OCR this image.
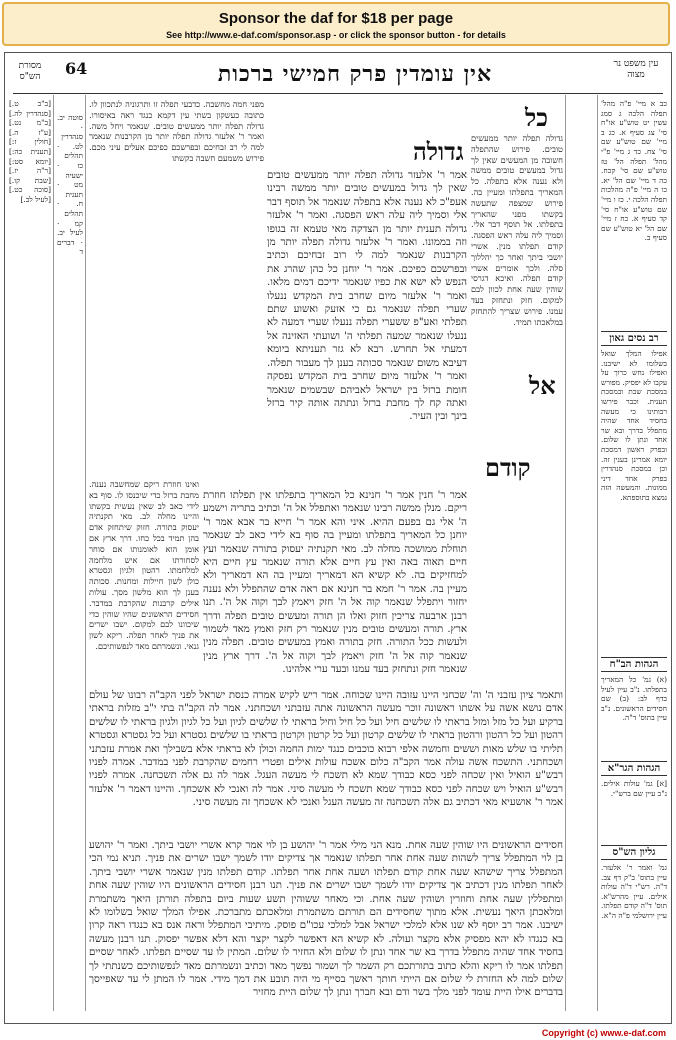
Sponsor the daf for $18 per page
See http://www.e-daf.com/sponsor.asp - or click the sponsor button - for details
64	אין עומדין פרק חמישי ברכות
מסורת הש"ס
עין משפט נר מצוה
[ב"ב ט.] [סנהדרין לה.] [ב"מ נט.] [ע"ז ה.] [חולין ז:] [תענית כה:] [יומא סט:] [ר"ה יז.] [שבת קו.] [סוכה כט.] [לעיל לב.]
סוטה יב. · סנהדרין לט. · תהלים כז · ישעיה מט · תענית ח. · תהלים קמ · לעיל יב. · דברים ד
מפני חמה מחשבה. כדבעי תפלה זו ותרגוניה לנתכוון לו. כתובה כעשקון בשתי עין דקמא כנגד ראה באיסורו. גדולה תפלה יותר ממעשים טובים. שנאמר ויחל משה. ואמר ר' אלעזר גדולה תפלה יותר מן הקרבנות שנאמר למה לי רב זבחיכם ובפרשכם כפיכם אעלים עיני מכם. פירוש משמעם חשבה בקשתו
ואינו חוזרת ריקם שמחשבה נענה. מחבת ברזל כדי שיכנסו לו. סוף בא לידי כאב לב שאין נעשית בקשתו והיינו מחלה לב. מאי תקנתיה יעסוק בתורה. חזוק שיתחזק אדם בהן תמיד בכל כחו. דרך ארץ אם אומן הוא לאומנותו אם סוחר לסחורתו אם איש מלחמה למלחמתו. רהטון ולגיון וגסטרא כולן לשון חיילות ומחנות. סכותה בענן לך הוא מלשון מסך. עולות אילים קרבנות שהקרבת במדבר. חסידים הראשונים שהיו שוהין כדי שיכוונו לבם למקום. ישבו ישרים את פניך לאחר תפלה. ריקא לשון גנאי. ונשמרתם מאד לנפשותיכם.
גדולה
אמר ר' אלעזר גדולה תפלה יותר ממעשים טובים שאין לך גדול במעשים טובים יותר ממשה רבינו אעפ"כ לא נענה אלא בתפלה שנאמר אל תוסף דבר אלי וסמיך ליה עלה ראש הפסגה. ואמר ר' אלעזר גדולה תענית יותר מן הצדקה מאי טעמא זה בגופו וזה בממונו. ואמר ר' אלעזר גדולה תפלה יותר מן הקרבנות שנאמר למה לי רוב זבחיכם וכתיב ובפרשכם כפיכם. אמר ר' יוחנן כל כהן שהרג את הנפש לא ישא את כפיו שנאמר ידיכם דמים מלאו. ואמר ר' אלעזר מיום שחרב בית המקדש ננעלו שערי תפלה שנאמר גם כי אזעק ואשוע שתם תפלתי ואע"פ ששערי תפלה ננעלו שערי דמעה לא ננעלו שנאמר שמעה תפלתי ה' ושועתי האזינה אל דמעתי אל תחרש. רבא לא גזר תעניתא ביומא דעיבא משום שנאמר סכותה בענן לך מעבור תפלה. ואמר ר' אלעזר מיום שחרב בית המקדש נפסקה חומת ברזל בין ישראל לאביהם שבשמים שנאמר ואתה קח לך מחבת ברזל ונתתה אותה קיר ברזל בינך ובין העיר.
אמר ר' חנין אמר ר' חנינא כל המאריך בתפלתו אין תפלתו חוזרת ריקם. מנלן ממשה רבינו שנאמר ואתפלל אל ה' וכתיב בתריה וישמע ה' אלי גם בפעם ההיא. איני והא אמר ר' חייא בר אבא אמר ר' יוחנן כל המאריך בתפלתו ומעיין בה סוף בא לידי כאב לב שנאמר תוחלת ממושכה מחלה לב. מאי תקנתיה יעסוק בתורה שנאמר ועץ חיים תאוה באה ואין עץ חיים אלא תורה שנאמר עץ חיים היא למחזיקים בה. לא קשיא הא דמאריך ומעיין בה הא דמאריך ולא מעיין בה. אמר ר' חמא בר חנינא אם ראה אדם שהתפלל ולא נענה יחזור ויתפלל שנאמר קוה אל ה' חזק ויאמץ לבך וקוה אל ה'. תנו רבנן ארבעה צריכין חזוק ואלו הן תורה ומעשים טובים תפלה ודרך ארץ. תורה ומעשים טובים מנין שנאמר רק חזק ואמץ מאד לשמור ולעשות ככל התורה. חזק בתורה ואמץ במעשים טובים. תפלה מנין שנאמר קוה אל ה' חזק ויאמץ לבך וקוה אל ה'. דרך ארץ מנין שנאמר חזק ונתחזק בעד עמנו ובעד ערי אלהינו.
ותאמר ציון עזבני ה' וה' שכחני היינו עזובה היינו שכוחה. אמר ריש לקיש אמרה כנסת ישראל לפני הקב"ה רבונו של עולם אדם נושא אשה על אשתו ראשונה זוכר מעשה הראשונה אתה עזבתני ושכחתני. אמר לה הקב"ה בתי י"ב מזלות בראתי ברקיע ועל כל מזל ומזל בראתי לו שלשים חיל ועל כל חיל וחיל בראתי לו שלשים לגיון ועל כל לגיון ולגיון בראתי לו שלשים רהטון ועל כל רהטון ורהטון בראתי לו שלשים קרטון ועל כל קרטון וקרטון בראתי בו שלשים גסטרא ועל כל גסטרא וגסטרא תליתי בו שלש מאות וששים וחמשה אלפי רבוא כוכבים כנגד ימות החמה וכולן לא בראתי אלא בשבילך ואת אמרת עזבתני ושכחתני. התשכח אשה עולה אמר הקב"ה כלום אשכח עולות אילים ופטרי רחמים שהקרבת לפני במדבר. אמרה לפניו רבש"ע הואיל ואין שכחה לפני כסא כבודך שמא לא תשכח לי מעשה העגל. אמר לה גם אלה תשכחנה. אמרה לפניו רבש"ע הואיל ויש שכחה לפני כסא כבודך שמא תשכח לי מעשה סיני. אמר לה ואנכי לא אשכחך. והיינו דאמר ר' אלעזר אמר ר' אושעיא מאי דכתיב גם אלה תשכחנה זה מעשה העגל ואנכי לא אשכחך זה מעשה סיני.
חסידים הראשונים היו שוהין שעה אחת. מנא הני מילי אמר ר' יהושע בן לוי אמר קרא אשרי יושבי ביתך. ואמר ר' יהושע בן לוי המתפלל צריך לשהות שעה אחת אחר תפלתו שנאמר אך צדיקים יודו לשמך ישבו ישרים את פניך. תניא נמי הכי המתפלל צריך שישהא שעה אחת קודם תפלתו ושעה אחת אחר תפלתו. קודם תפלתו מנין שנאמר אשרי יושבי ביתך. לאחר תפלתו מנין דכתיב אך צדיקים יודו לשמך ישבו ישרים את פניך. תנו רבנן חסידים הראשונים היו שוהין שעה אחת ומתפללין שעה אחת וחוזרין ושוהין שעה אחת. וכי מאחר ששוהין תשע שעות ביום בתפלה תורתן היאך משתמרת ומלאכתן היאך נעשית. אלא מתוך שחסידים הם תורתם משתמרת ומלאכתם מתברכת. אפילו המלך שואל בשלומו לא ישיבנו. אמר רב יוסף לא שנו אלא למלכי ישראל אבל למלכי עכו"ם פוסק. מיתיבי המתפלל וראה אנס בא כנגדו ראה קרון בא כנגדו לא יהא מפסיק אלא מקצר ועולה. לא קשיא הא דאפשר לקצר יקצר והא דלא אפשר יפסוק. תנו רבנן מעשה בחסיד אחד שהיה מתפלל בדרך בא שר אחד ונתן לו שלום ולא החזיר לו שלום. המתין לו עד שסיים תפלתו. לאחר שסיים תפלתו אמר לו ריקא והלא כתוב בתורתכם רק השמר לך ושמור נפשך מאד וכתיב ונשמרתם מאד לנפשותיכם כשנתתי לך שלום למה לא החזרת לי שלום אם הייתי חותך ראשך בסייף מי היה תובע את דמך מידי. אמר לו המתן לי עד שאפייסך בדברים אילו היית עומד לפני מלך בשר ודם ובא חברך ונתן לך שלום היית מחזיר
כל
אל
קודם
גדולה תפלה יותר ממעשים טובים. פירוש שהתפלה חשובה מן המעשים שאין לך גדול במעשים טובים ממשה ולא נענה אלא בתפלה. כל המאריך בתפלתו ומעיין בה. פירוש שמצפה שתעשה בקשתו מפני שהאריך בתפלתו. אל תוסף דבר אלי. וסמיך ליה עלה ראש הפסגה. קודם תפלתו מנין. אשרי יושבי ביתך ואחר כך יהללוך סלה. ולכך אומרים אשרי קודם תפלה. ואיכא דגרסי שוהין שעה אחת לכוון לבם למקום. חזק ונתחזק בעד עמנו. פירוש שצריך להתחזק במלאכתו תמיד.
כב א מיי' פ"ה מהל' תפלה הלכה ג סמג עשין יט טוש"ע או"ח סי' צג סעיף א. כג ב מיי' שם טוש"ע שם סי' צח. כד ג מיי' פ"י מהל' תפלה הל' טז טוש"ע שם סי' קכח. כה ד מיי' שם הל' יא. כו ה מיי' פ"ה מהלכות תפלה הלכה י. כז ו מיי' שם טוש"ע או"ח סי' קד סעיף א. כח ז מיי' שם הל' יא טוש"ע שם סעיף ב.
רב נסים גאון
אפילו המלך שואל בשלומו לא ישיבנו. ואפילו נחש כרוך על עקבו לא יפסיק. מפורש במסכת שבת ובמסכת תענית. וכבר פירשו רבותינו כי מעשה בחסיד אחד שהיה מתפלל בדרך ובא שר אחד ונתן לו שלום. ובפרק ראשון דמסכת יומא אמרינן בענין זה. וכן במסכת סנהדרין בפרק אחד דיני ממונות. והמעשה הזה נמצא בתוספתא.
הגהות הב"ח
(א) גמ' כל המאריך בתפלתו. נ"ב עיין לעיל בדף לב: (ב) שם חסידים הראשונים. נ"ב עיין בתוס' ד"ה.
הגהות הגר"א
[א] גמ' עולות אילים. נ"ב עיין שם ברש"י.
גליון הש"ס
גמ' ואמר ר' אלעזר. עיין בתוס' ב"ק דף צב. ד"ה. רש"י ד"ה עולות אילים. עיין מהרש"א. תוס' ד"ה קודם תפלתו. עיין ירושלמי פ"ה ה"א.
Copyright (c) www.e-daf.com
